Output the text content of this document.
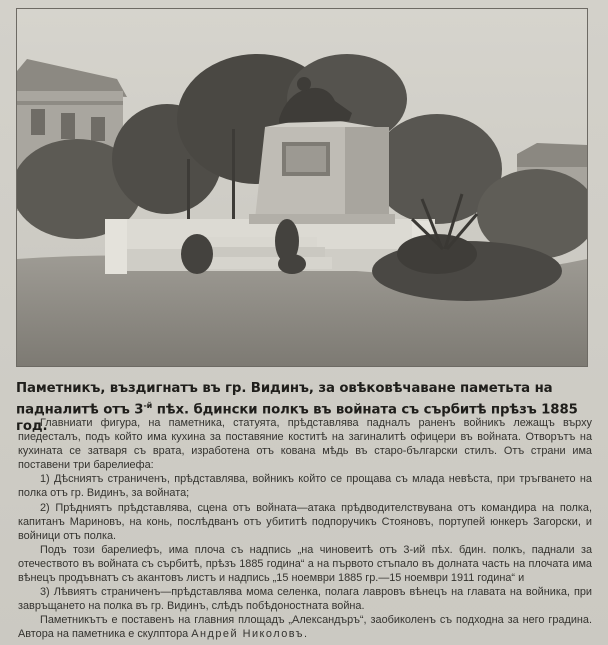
Паметникъ, въздигнатъ въ гр. Видинъ, за овѣковѣчаване паметьта на падналитѣ отъ $3^{-й}$ пѣх. бдински полкъ въ войната съ сърбитѣ прѣзъ 1885 год.

Главниати фигура, на паметника, статуята, прѣдставлява падналъ раненъ войникъ лежащъ върху пиедесталъ, подъ който има кухина за поставяние коститѣ на загиналитѣ офицери въ войната. Отворътъ на кухината се затваря съ врата, изработена отъ кована мѣдь въ старо-български стилъ. Отъ страни има поставени три барелиефа:

1) Дѣсниятъ страниченъ, прѣдставлява, войникъ който се прощава съ млада невѣста, при тръгването на полка отъ гр. Видинъ, за войната;

2) Прѣдниятъ прѣдставлява, сцена отъ войната—атака прѣдводителствувана отъ командира на полка, капитанъ Мариновъ, на конь, послѣдванъ отъ убититѣ подпоручикъ Стояновъ, портупей юнкеръ Загорски, и войници отъ полка.

Подъ този барелиефъ, има плоча съ надпись „на чиновеитѣ отъ 3-ий пѣх. бдин. полкъ, паднали за отечеството въ войната съ сърбитѣ, прѣзъ 1885 година“ а на първото стъпало въ долната часть на плочата има вѣнецъ продъвнатъ съ акантовъ листъ и надпись „15 ноември 1885 гр.—15 ноември 1911 година“ и

3) Лѣвиятъ страниченъ—прѣдставлява мома селенка, полага лавровъ вѣнецъ на главата на войника, при завръщането на полка въ гр. Видинъ, слѣдъ побѣдоностната война.

Паметникътъ е поставенъ на главния площадъ „Александъръ“, заобиколенъ съ подходна за него градина. Автора на паметника е скулптора Андрей Николовъ.
